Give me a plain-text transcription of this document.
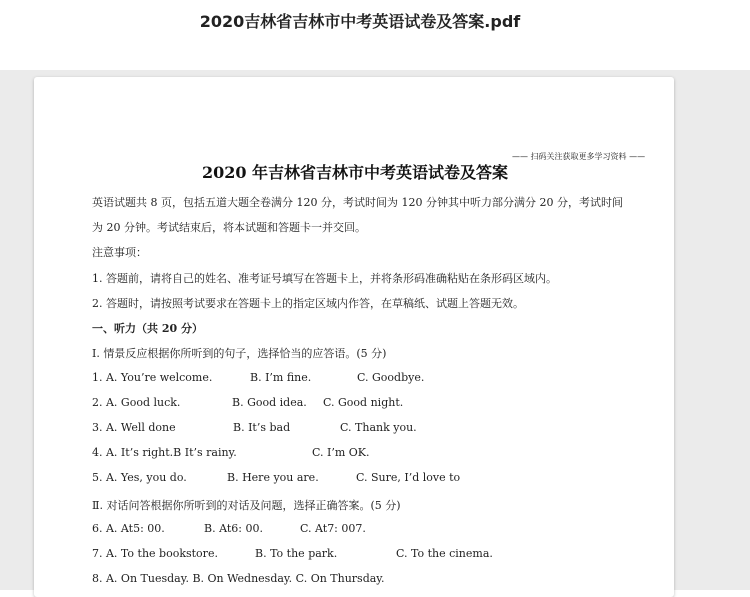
2020吉林省吉林市中考英语试卷及答案.pdf
—— 扫码关注获取更多学习资料 ——
2020 年吉林省吉林市中考英语试卷及答案
英语试题共 8 页，包括五道大题全卷满分 120 分，考试时间为 120 分钟其中听力部分满分 20 分，考试时间
为 20 分钟。考试结束后，将本试题和答题卡一并交回。
注意事项：
1. 答题前，请将自己的姓名、准考证号填写在答题卡上，并将条形码准确粘贴在条形码区域内。
2. 答题时，请按照考试要求在答题卡上的指定区域内作答，在草稿纸、试题上答题无效。
一、听力（共 20 分）
Ⅰ. 情景反应根据你所听到的句子，选择恰当的应答语。(5 分)
1. A. You’re welcome.	B. I’m fine.	C. Goodbye.
2. A. Good luck.	B. Good idea. C. Good night.
3. A. Well done	B. It’s bad	C. Thank you.
4. A. It’s right.B It’s rainy.	C. I’m OK.
5. A. Yes, you do.	B. Here you are.	C. Sure, I’d love to
Ⅱ. 对话问答根据你所听到的对话及问题，选择正确答案。(5 分)
6. A. At5: 00.	B. At6: 00.	C. At7: 007.
7. A. To the bookstore.	B. To the park.	C. To the cinema.
8. A. On Tuesday. B. On Wednesday. C. On Thursday.
